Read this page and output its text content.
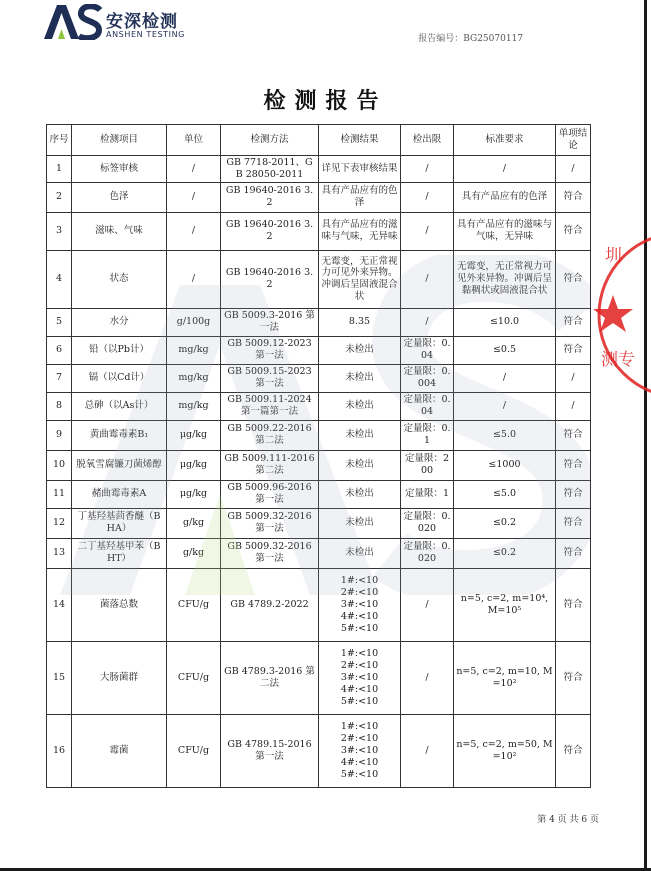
安深检测
ANSHEN TESTING	报告编号：BG25070117
检测报告
序号	检测项目	单位	检测方法	检测结果	检出限	标准要求	单项结论
1	标签审核	/	GB 7718-2011、GB 28050-2011	详见下表审核结果	/	/	/
2	色泽	/	GB 19640-2016 3.2	具有产品应有的色泽	/	具有产品应有的色泽	符合
3	滋味、气味	/	GB 19640-2016 3.2	具有产品应有的滋味与气味，无异味	/	具有产品应有的滋味与气味，无异味	符合
4	状态	/	GB 19640-2016 3.2	无霉变，无正常视力可见外来异物。冲调后呈固液混合状	/	无霉变，无正常视力可见外来异物。冲调后呈黏稠状或固液混合状	符合
5	水分	g/100g	GB 5009.3-2016 第一法	8.35	/	≤10.0	符合
6	铅（以Pb计）	mg/kg	GB 5009.12-2023 第一法	未检出	定量限：0.04	≤0.5	符合
7	镉（以Cd计）	mg/kg	GB 5009.15-2023 第一法	未检出	定量限：0.004	/	/
8	总砷（以As计）	mg/kg	GB 5009.11-2024 第一篇第一法	未检出	定量限：0.04	/	/
9	黄曲霉毒素B₁	μg/kg	GB 5009.22-2016 第二法	未检出	定量限：0.1	≤5.0	符合
10	脱氧雪腐镰刀菌烯醇	μg/kg	GB 5009.111-2016 第二法	未检出	定量限：200	≤1000	符合
11	赭曲霉毒素A	μg/kg	GB 5009.96-2016 第一法	未检出	定量限：1	≤5.0	符合
12	丁基羟基茴香醚（BHA）	g/kg	GB 5009.32-2016 第一法	未检出	定量限：0.020	≤0.2	符合
13	二丁基羟基甲苯（BHT）	g/kg	GB 5009.32-2016 第一法	未检出	定量限：0.020	≤0.2	符合
14	菌落总数	CFU/g	GB 4789.2-2022	1#:<10
2#:<10
3#:<10
4#:<10
5#:<10	/	n=5, c=2, m=10⁴, M=10⁵	符合
15	大肠菌群	CFU/g	GB 4789.3-2016 第二法	1#:<10
2#:<10
3#:<10
4#:<10
5#:<10	/	n=5, c=2, m=10, M=10²	符合
16	霉菌	CFU/g	GB 4789.15-2016 第一法	1#:<10
2#:<10
3#:<10
4#:<10
5#:<10	/	n=5, c=2, m=50, M=10²	符合
圳
测专
第 4 页 共 6 页
